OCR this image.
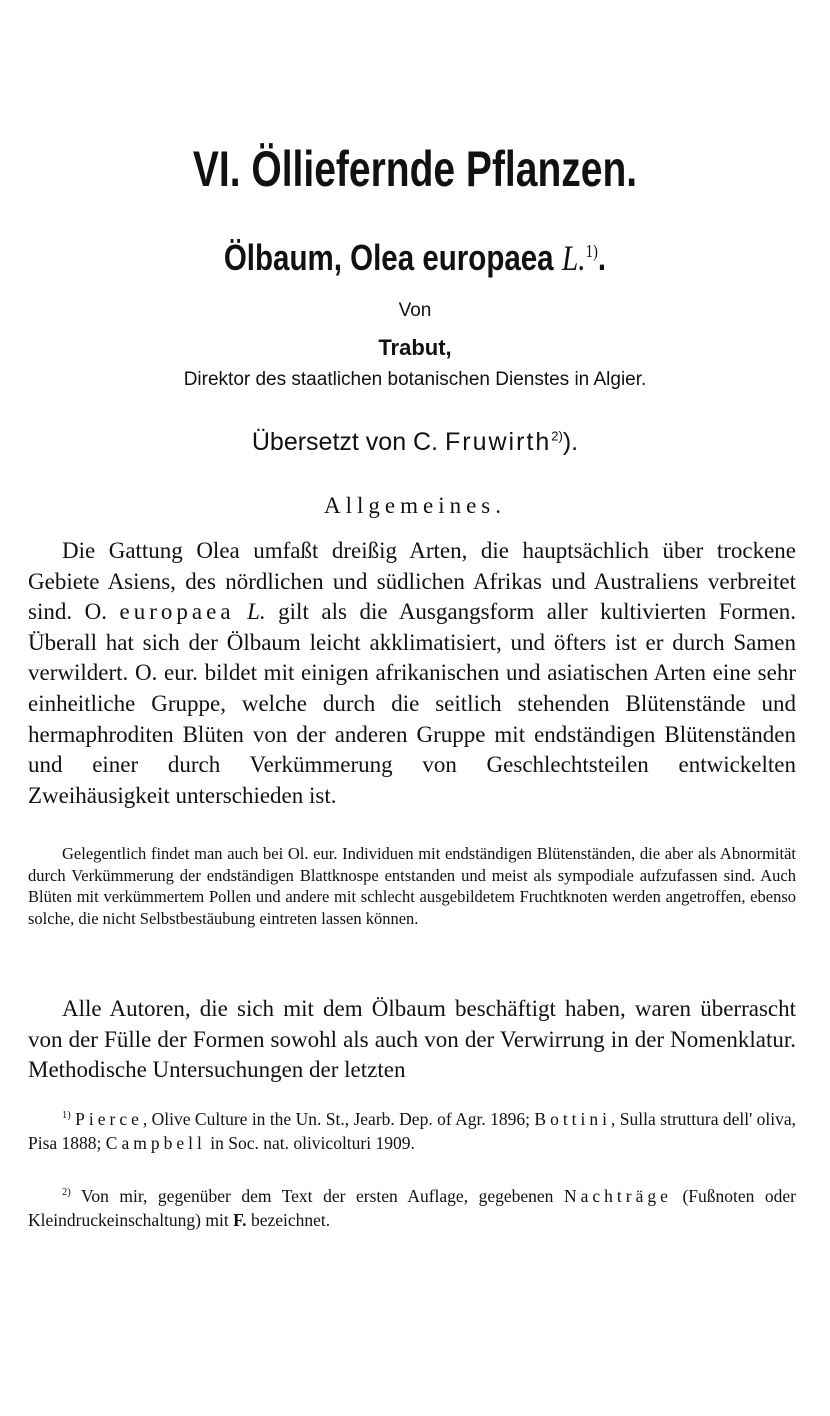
VI. Ölliefernde Pflanzen.
Ölbaum, Olea europaea L.$^{1)}$.
Von
Trabut,
Direktor des staatlichen botanischen Dienstes in Algier.
Übersetzt von C. Fruwirth$^{2)}$).
Allgemeines.
Die Gattung Olea umfaßt dreißig Arten, die hauptsächlich über trockene Gebiete Asiens, des nördlichen und südlichen Afrikas und Australiens verbreitet sind. O. europaea L. gilt als die Ausgangsform aller kultivierten Formen. Überall hat sich der Ölbaum leicht akklimatisiert, und öfters ist er durch Samen verwildert. O. eur. bildet mit einigen afrikanischen und asiatischen Arten eine sehr einheitliche Gruppe, welche durch die seitlich stehenden Blütenstände und hermaphroditen Blüten von der anderen Gruppe mit endständigen Blütenständen und einer durch Verkümmerung von Geschlechtsteilen entwickelten Zweihäusigkeit unterschieden ist.
Gelegentlich findet man auch bei Ol. eur. Individuen mit endständigen Blütenständen, die aber als Abnormität durch Verkümmerung der endständigen Blattknospe entstanden und meist als sympodiale aufzufassen sind. Auch Blüten mit verkümmertem Pollen und andere mit schlecht ausgebildetem Fruchtknoten werden angetroffen, ebenso solche, die nicht Selbstbestäubung eintreten lassen können.
Alle Autoren, die sich mit dem Ölbaum beschäftigt haben, waren überrascht von der Fülle der Formen sowohl als auch von der Verwirrung in der Nomenklatur. Methodische Untersuchungen der letzten
$^{1)}$ Pierce, Olive Culture in the Un. St., Jearb. Dep. of Agr. 1896; Bottini, Sulla struttura dell' oliva, Pisa 1888; Campbell in Soc. nat. olivicolturi 1909.
$^{2)}$ Von mir, gegenüber dem Text der ersten Auflage, gegebenen Nachträge (Fußnoten oder Kleindruckeinschaltung) mit F. bezeichnet.
